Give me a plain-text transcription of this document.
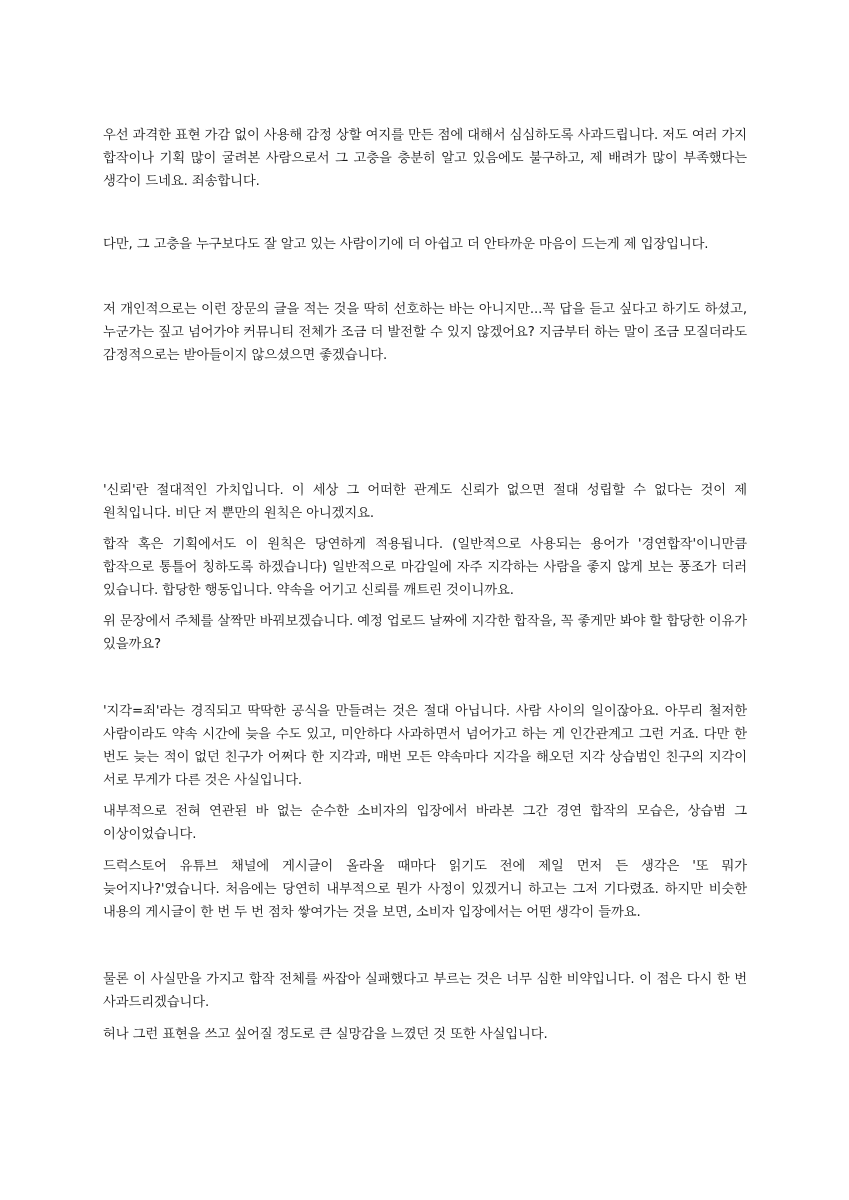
우선 과격한 표현 가감 없이 사용해 감정 상할 여지를 만든 점에 대해서 심심하도록 사과드립니다. 저도 여러 가지 합작이나 기획 많이 굴려본 사람으로서 그 고충을 충분히 알고 있음에도 불구하고, 제 배려가 많이 부족했다는 생각이 드네요. 죄송합니다.

다만, 그 고충을 누구보다도 잘 알고 있는 사람이기에 더 아쉽고 더 안타까운 마음이 드는게 제 입장입니다.

저 개인적으로는 이런 장문의 글을 적는 것을 딱히 선호하는 바는 아니지만...꼭 답을 듣고 싶다고 하기도 하셨고, 누군가는 짚고 넘어가야 커뮤니티 전체가 조금 더 발전할 수 있지 않겠어요? 지금부터 하는 말이 조금 모질더라도 감정적으로는 받아들이지 않으셨으면 좋겠습니다.

'신뢰'란 절대적인 가치입니다. 이 세상 그 어떠한 관계도 신뢰가 없으면 절대 성립할 수 없다는 것이 제 원칙입니다. 비단 저 뿐만의 원칙은 아니겠지요.

합작 혹은 기획에서도 이 원칙은 당연하게 적용됩니다. (일반적으로 사용되는 용어가 '경연합작'이니만큼 합작으로 통틀어 칭하도록 하겠습니다) 일반적으로 마감일에 자주 지각하는 사람을 좋지 않게 보는 풍조가 더러 있습니다. 합당한 행동입니다. 약속을 어기고 신뢰를 깨트린 것이니까요.

위 문장에서 주체를 살짝만 바꿔보겠습니다. 예정 업로드 날짜에 지각한 합작을, 꼭 좋게만 봐야 할 합당한 이유가 있을까요?

'지각=죄'라는 경직되고 딱딱한 공식을 만들려는 것은 절대 아닙니다. 사람 사이의 일이잖아요. 아무리 철저한 사람이라도 약속 시간에 늦을 수도 있고, 미안하다 사과하면서 넘어가고 하는 게 인간관계고 그런 거죠. 다만 한 번도 늦는 적이 없던 친구가 어쩌다 한 지각과, 매번 모든 약속마다 지각을 해오던 지각 상습범인 친구의 지각이 서로 무게가 다른 것은 사실입니다.

내부적으로 전혀 연관된 바 없는 순수한 소비자의 입장에서 바라본 그간 경연 합작의 모습은, 상습범 그 이상이었습니다.

드럭스토어 유튜브 채널에 게시글이 올라올 때마다 읽기도 전에 제일 먼저 든 생각은 '또 뭐가 늦어지나?'였습니다. 처음에는 당연히 내부적으로 뭔가 사정이 있겠거니 하고는 그저 기다렸죠. 하지만 비슷한 내용의 게시글이 한 번 두 번 점차 쌓여가는 것을 보면, 소비자 입장에서는 어떤 생각이 들까요.

물론 이 사실만을 가지고 합작 전체를 싸잡아 실패했다고 부르는 것은 너무 심한 비약입니다. 이 점은 다시 한 번 사과드리겠습니다.

허나 그런 표현을 쓰고 싶어질 정도로 큰 실망감을 느꼈던 것 또한 사실입니다.
